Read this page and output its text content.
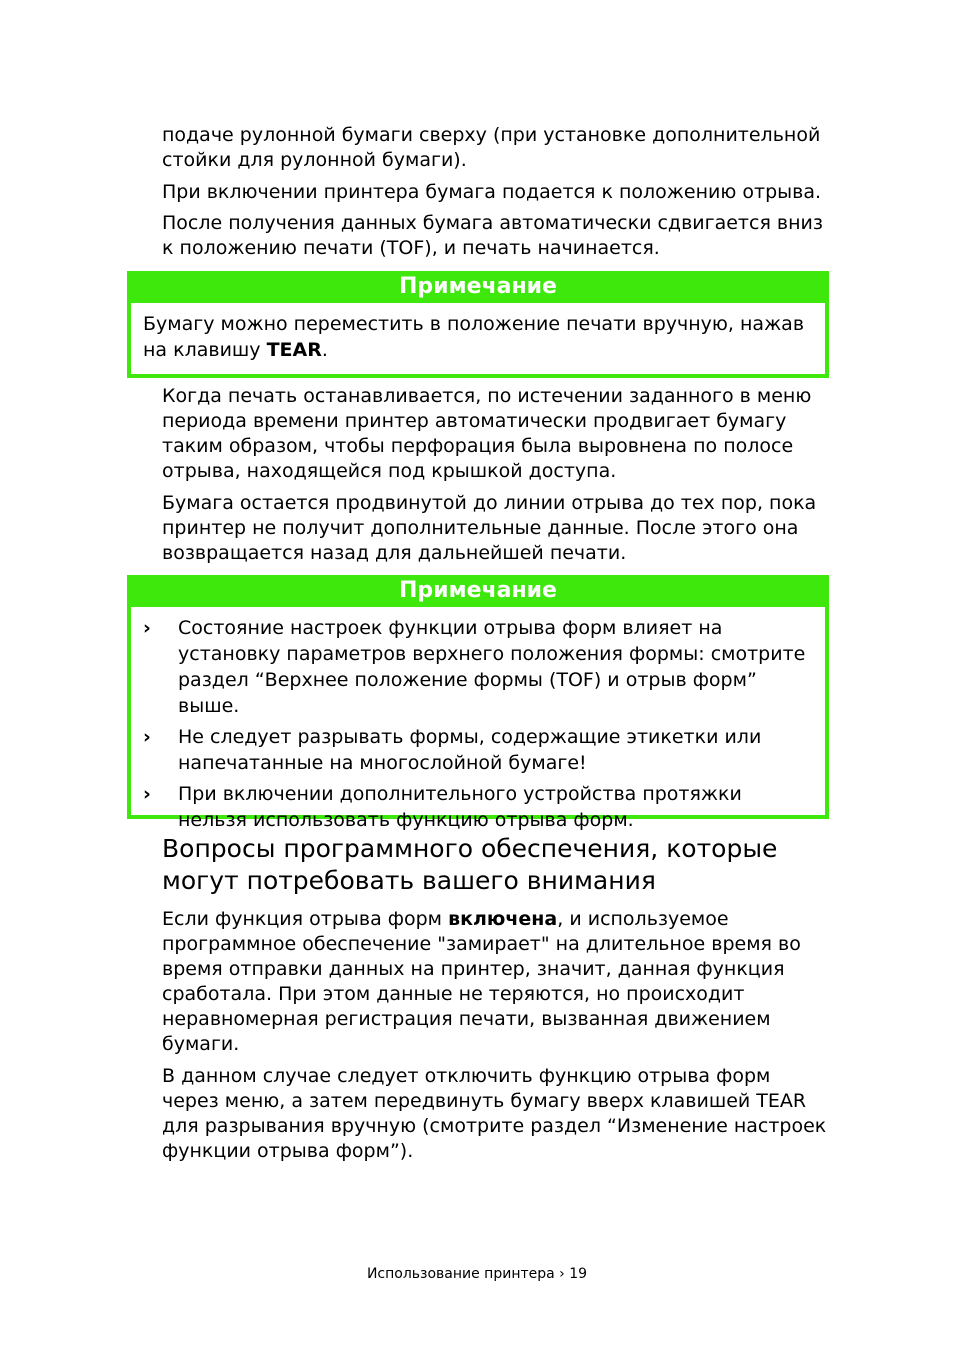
подаче рулонной бумаги сверху (при установке дополнительной стойки для рулонной бумаги).

При включении принтера бумага подается к положению отрыва.

После получения данных бумага автоматически сдвигается вниз к положению печати (TOF), и печать начинается.

Примечание

Бумагу можно переместить в положение печати вручную, нажав на клавишу TEAR.

Когда печать останавливается, по истечении заданного в меню периода времени принтер автоматически продвигает бумагу таким образом, чтобы перфорация была выровнена по полосе отрыва, находящейся под крышкой доступа.

Бумага остается продвинутой до линии отрыва до тех пор, пока принтер не получит дополнительные данные. После этого она возвращается назад для дальнейшей печати.

Примечание
› Состояние настроек функции отрыва форм влияет на установку параметров верхнего положения формы: смотрите раздел “Верхнее положение формы (TOF) и отрыв форм” выше.
› Не следует разрывать формы, содержащие этикетки или напечатанные на многослойной бумаге!
› При включении дополнительного устройства протяжки нельзя использовать функцию отрыва форм.
Вопросы программного обеспечения, которые могут потребовать вашего внимания

Если функция отрыва форм включена, и используемое программное обеспечение "замирает" на длительное время во время отправки данных на принтер, значит, данная функция сработала. При этом данные не теряются, но происходит неравномерная регистрация печати, вызванная движением бумаги.

В данном случае следует отключить функцию отрыва форм через меню, а затем передвинуть бумагу вверх клавишей TEAR для разрывания вручную (смотрите раздел “Изменение настроек функции отрыва форм”).

Использование принтера › 19
